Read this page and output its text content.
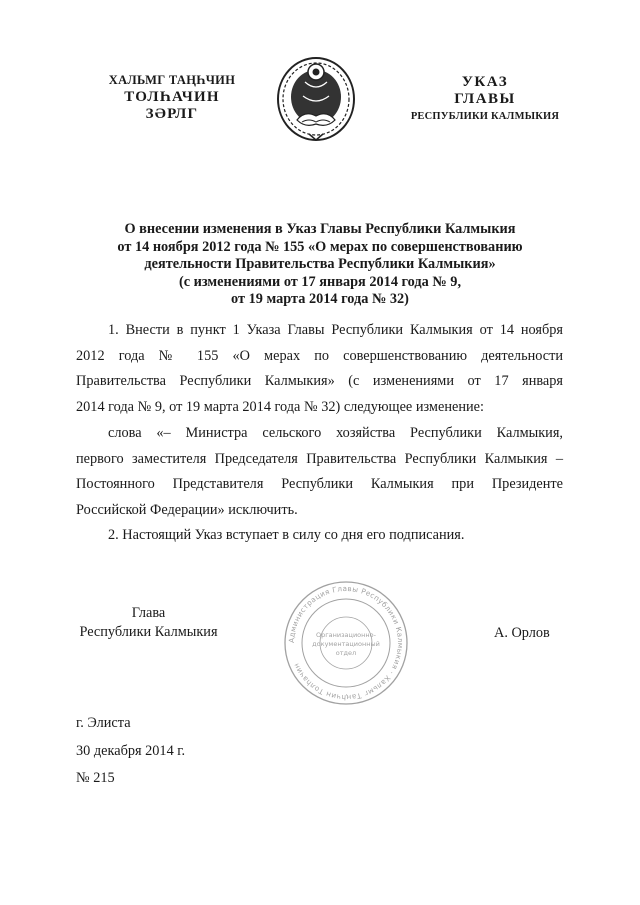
ХАЛЬМГ ТАҢҺЧИН
ТОЛҺАЧИН
ЗӘРЛГ
УКАЗ
ГЛАВЫ
РЕСПУБЛИКИ КАЛМЫКИЯ
О внесении изменения в Указ Главы Республики Калмыкия
от 14 ноября 2012 года № 155 «О мерах по совершенствованию
деятельности Правительства Республики Калмыкия»
(с изменениями от 17 января 2014 года № 9,
от 19 марта 2014 года № 32)
1. Внести в пункт 1 Указа Главы Республики Калмыкия от 14 ноября
2012 года № 155 «О мерах по совершенствованию деятельности
Правительства Республики Калмыкия» (с изменениями от 17 января
2014 года № 9, от 19 марта 2014 года № 32) следующее изменение:
слова «– Министра сельского хозяйства Республики Калмыкия,
первого заместителя Председателя Правительства Республики Калмыкия –
Постоянного Представителя Республики Калмыкия при Президенте
Российской Федерации» исключить.
2. Настоящий Указ вступает в силу со дня его подписания.
Глава
Республики Калмыкия
Администрация Главы Республики Калмыкия · Хальмг Таңһчин Толһачин
Организационно-
документационный
отдел
А. Орлов
г. Элиста
30 декабря 2014 г.
№ 215
